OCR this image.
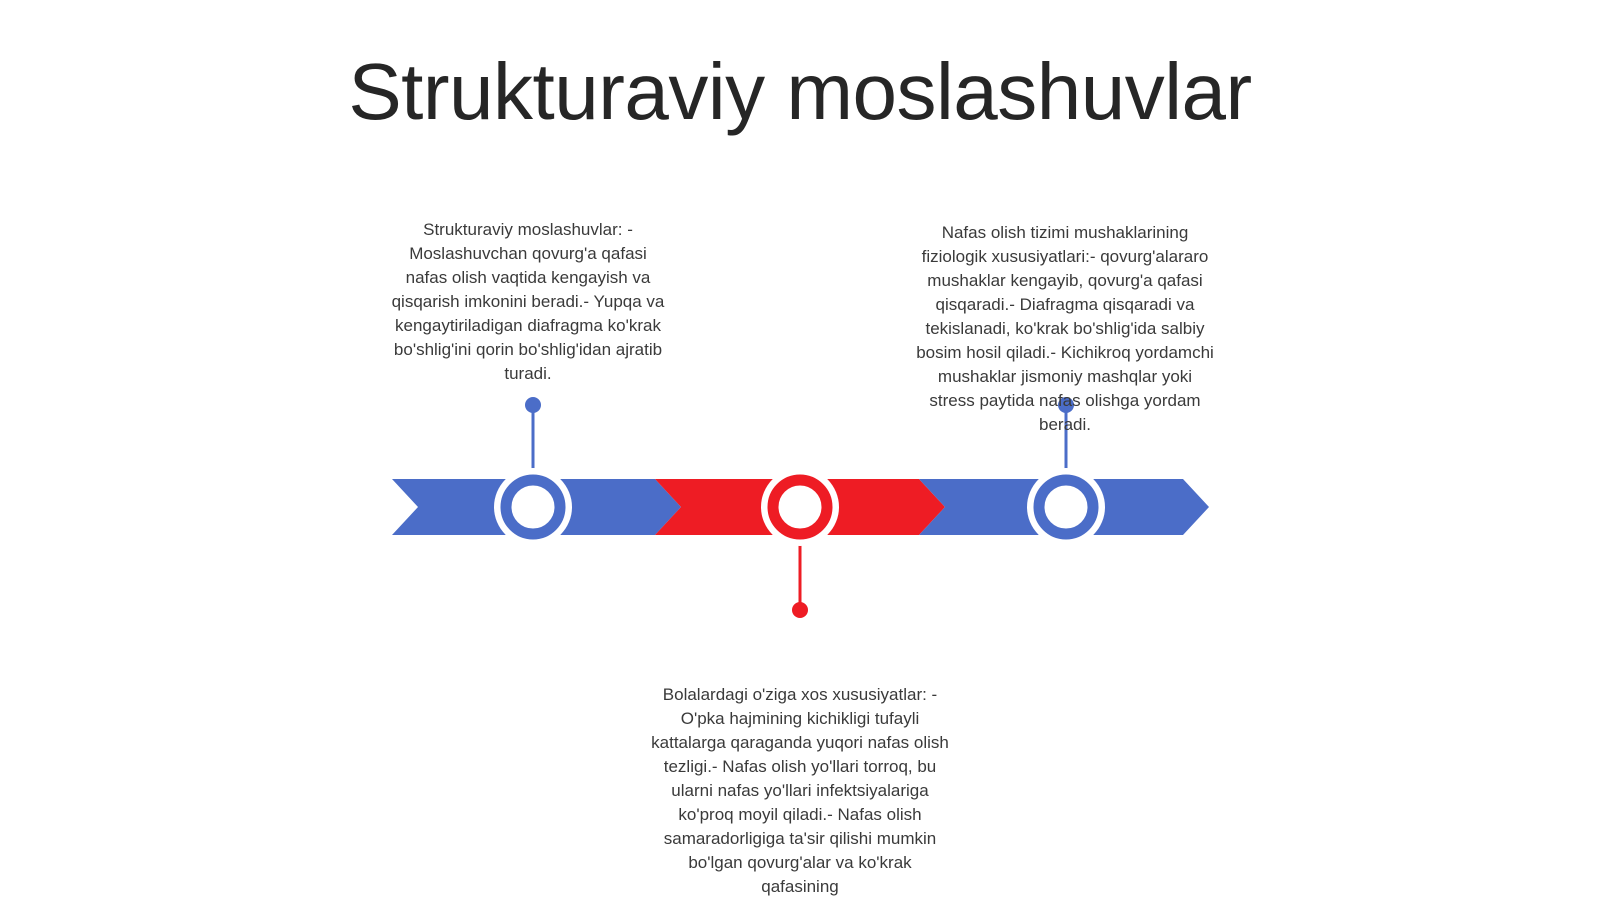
Strukturaviy moslashuvlar

Strukturaviy moslashuvlar: - Moslashuvchan qovurg'a qafasi nafas olish vaqtida kengayish va qisqarish imkonini beradi.- Yupqa va kengaytiriladigan diafragma ko'krak bo'shlig'ini qorin bo'shlig'idan ajratib turadi.

Bolalardagi o'ziga xos xususiyatlar: - O'pka hajmining kichikligi tufayli kattalarga qaraganda yuqori nafas olish tezligi.- Nafas olish yo'llari torroq, bu ularni nafas yo'llari infektsiyalariga ko'proq moyil qiladi.- Nafas olish samaradorligiga ta'sir qilishi mumkin bo'lgan qovurg'alar va ko'krak qafasining

Nafas olish tizimi mushaklarining fiziologik xususiyatlari:- qovurg'alararo mushaklar kengayib, qovurg'a qafasi qisqaradi.- Diafragma qisqaradi va tekislanadi, ko'krak bo'shlig'ida salbiy bosim hosil qiladi.- Kichikroq yordamchi mushaklar jismoniy mashqlar yoki stress paytida nafas olishga yordam beradi.
